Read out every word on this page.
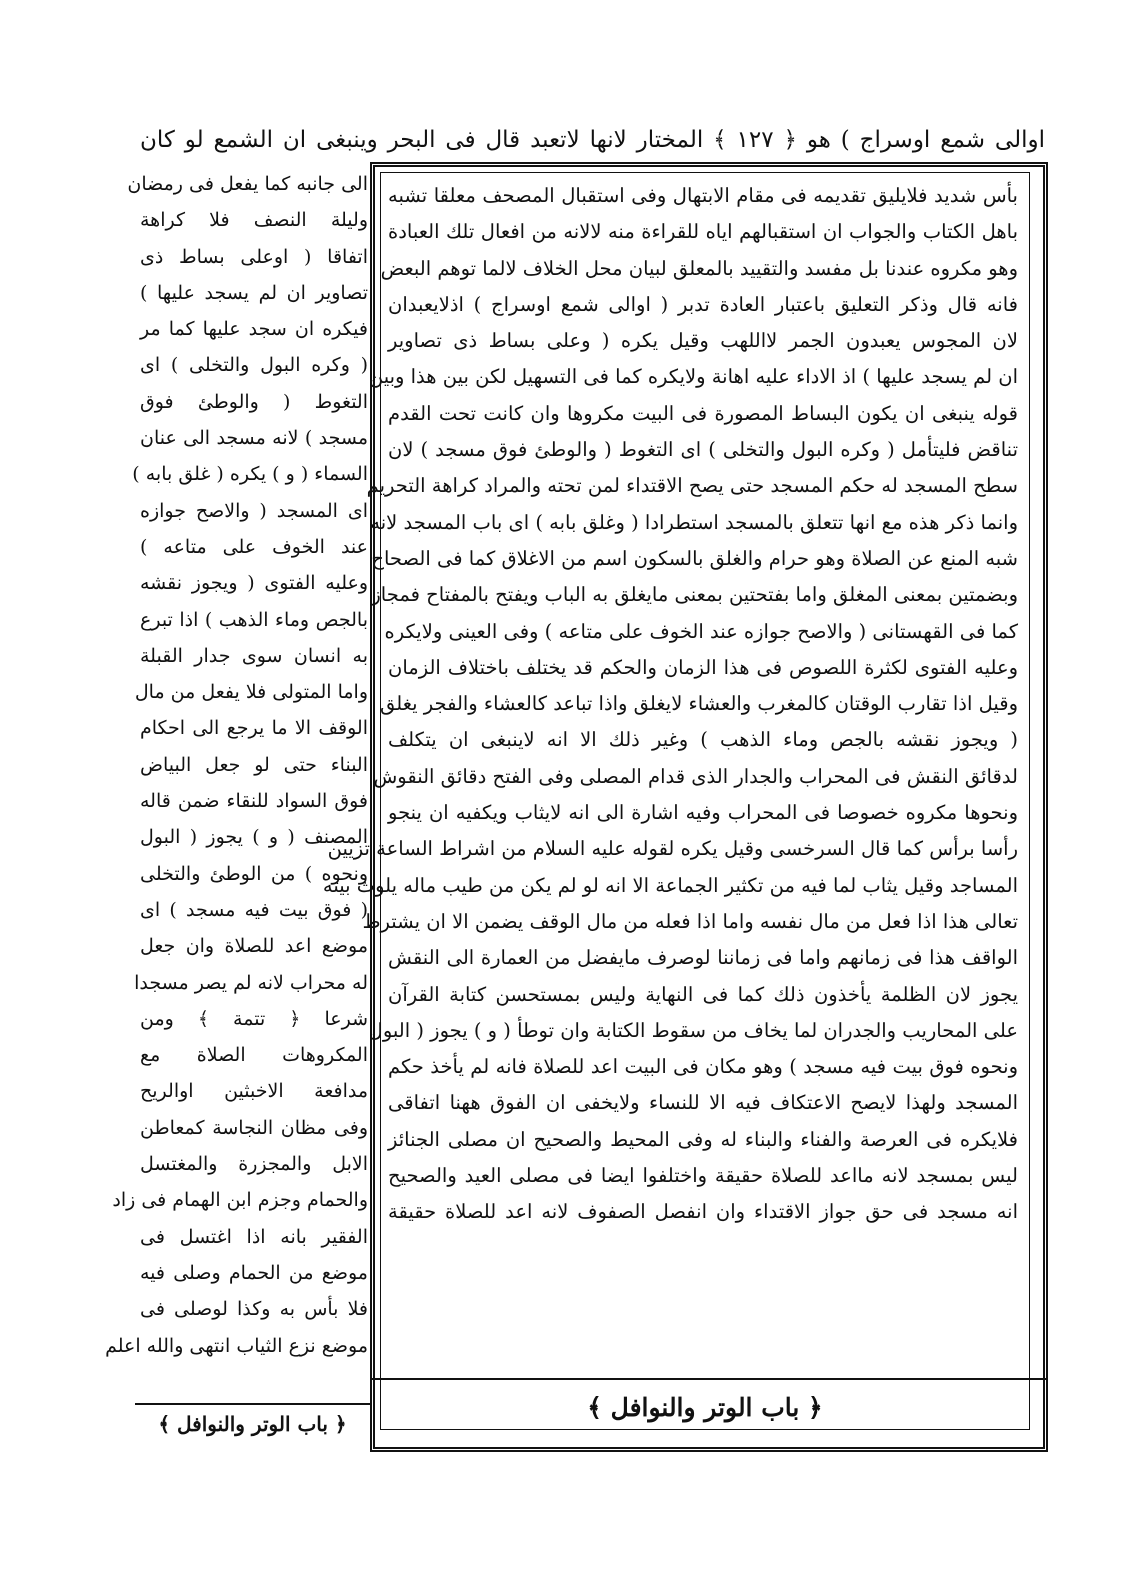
اوالى شمع اوسراج ) هو ﴿ ١٢٧ ﴾ المختار لانها لاتعبد قال فى البحر وينبغى ان الشمع لو كان
الى جانبه كما يفعل فى رمضان
وليلة النصف فلا كراهة
اتفاقا ( اوعلى بساط ذى
تصاوير ان لم يسجد عليها )
فيكره ان سجد عليها كما مر
( وكره البول والتخلى ) اى
التغوط ( والوطئ فوق
مسجد ) لانه مسجد الى عنان
السماء ( و ) يكره ( غلق بابه )
اى المسجد ( والاصح جوازه
عند الخوف على متاعه )
وعليه الفتوى ( ويجوز نقشه
بالجص وماء الذهب ) اذا تبرع
به انسان سوى جدار القبلة
واما المتولى فلا يفعل من مال
الوقف الا ما يرجع الى احكام
البناء حتى لو جعل البياض
فوق السواد للنقاء ضمن قاله
المصنف ( و ) يجوز ( البول
ونحوه ) من الوطئ والتخلى
( فوق بيت فيه مسجد ) اى
موضع اعد للصلاة وان جعل
له محراب لانه لم يصر مسجدا
شرعا ﴿ تتمة ﴾ ومن
المكروهات الصلاة مع
مدافعة الاخبثين اوالريح
وفى مظان النجاسة كمعاطن
الابل والمجزرة والمغتسل
والحمام وجزم ابن الهمام فى زاد
الفقير بانه اذا اغتسل فى
موضع من الحمام وصلى فيه
فلا بأس به وكذا لوصلى فى
موضع نزع الثياب انتهى والله اعلم
﴿ باب الوتر والنوافل ﴾
بأس شديد فلايليق تقديمه فى مقام الابتهال وفى استقبال المصحف معلقا تشبه
باهل الكتاب والجواب ان استقبالهم اياه للقراءة منه لالانه من افعال تلك العبادة
وهو مكروه عندنا بل مفسد والتقييد بالمعلق لبيان محل الخلاف لالما توهم البعض
فانه قال وذكر التعليق باعتبار العادة تدبر ( اوالى شمع اوسراج ) اذلايعبدان
لان المجوس يعبدون الجمر لااللهب وقيل يكره ( وعلى بساط ذى تصاوير
ان لم يسجد عليها ) اذ الاداء عليه اهانة ولايكره كما فى التسهيل لكن بين هذا وبين
قوله ينبغى ان يكون البساط المصورة فى البيت مكروها وان كانت تحت القدم
تناقض فليتأمل ( وكره البول والتخلى ) اى التغوط ( والوطئ فوق مسجد ) لان
سطح المسجد له حكم المسجد حتى يصح الاقتداء لمن تحته والمراد كراهة التحريم
وانما ذكر هذه مع انها تتعلق بالمسجد استطرادا ( وغلق بابه ) اى باب المسجد لانه
شبه المنع عن الصلاة وهو حرام والغلق بالسكون اسم من الاغلاق كما فى الصحاح
وبضمتين بمعنى المغلق واما بفتحتين بمعنى مايغلق به الباب ويفتح بالمفتاح فمجاز
كما فى القهستانى ( والاصح جوازه عند الخوف على متاعه ) وفى العينى ولايكره
وعليه الفتوى لكثرة اللصوص فى هذا الزمان والحكم قد يختلف باختلاف الزمان
وقيل اذا تقارب الوقتان كالمغرب والعشاء لايغلق واذا تباعد كالعشاء والفجر يغلق
( ويجوز نقشه بالجص وماء الذهب ) وغير ذلك الا انه لاينبغى ان يتكلف
لدقائق النقش فى المحراب والجدار الذى قدام المصلى وفى الفتح دقائق النقوش
ونحوها مكروه خصوصا فى المحراب وفيه اشارة الى انه لايثاب ويكفيه ان ينجو
رأسا برأس كما قال السرخسى وقيل يكره لقوله عليه السلام من اشراط الساعة تزيين
المساجد وقيل يثاب لما فيه من تكثير الجماعة الا انه لو لم يكن من طيب ماله يلوث بيته
تعالى هذا اذا فعل من مال نفسه واما اذا فعله من مال الوقف يضمن الا ان يشترط
الواقف هذا فى زمانهم واما فى زماننا لوصرف مايفضل من العمارة الى النقش
يجوز لان الظلمة يأخذون ذلك كما فى النهاية وليس بمستحسن كتابة القرآن
على المحاريب والجدران لما يخاف من سقوط الكتابة وان توطأ ( و ) يجوز ( البول
ونحوه فوق بيت فيه مسجد ) وهو مكان فى البيت اعد للصلاة فانه لم يأخذ حكم
المسجد ولهذا لايصح الاعتكاف فيه الا للنساء ولايخفى ان الفوق ههنا اتفاقى
فلايكره فى العرصة والفناء والبناء له وفى المحيط والصحيح ان مصلى الجنائز
ليس بمسجد لانه مااعد للصلاة حقيقة واختلفوا ايضا فى مصلى العيد والصحيح
انه مسجد فى حق جواز الاقتداء وان انفصل الصفوف لانه اعد للصلاة حقيقة
﴿ باب الوتر والنوافل ﴾
